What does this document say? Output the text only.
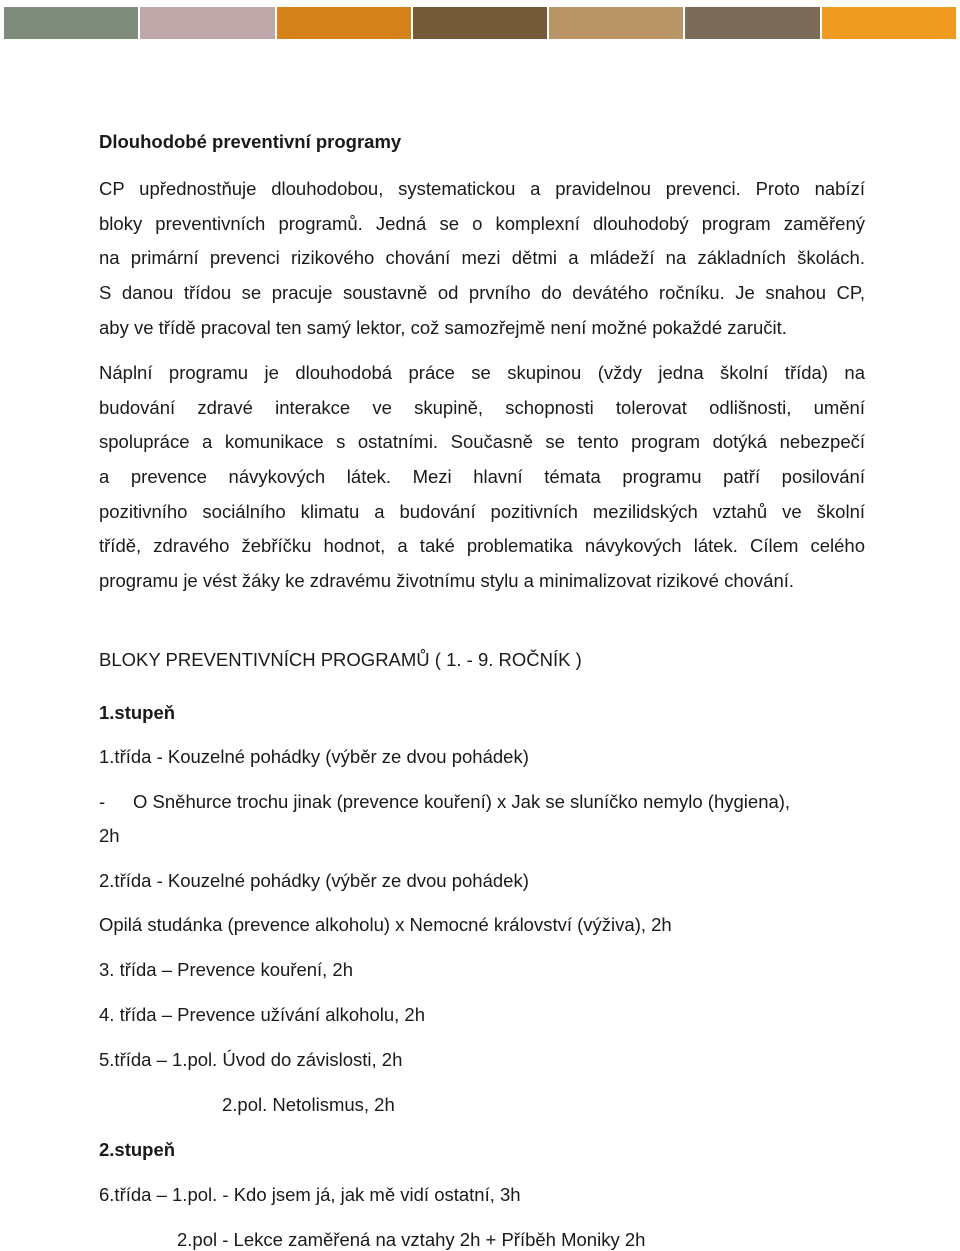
Dlouhodobé preventivní programy
CP upřednostňuje dlouhodobou, systematickou a pravidelnou prevenci. Proto nabízí
bloky preventivních programů. Jedná se o komplexní dlouhodobý program zaměřený
na primární prevenci rizikového chování mezi dětmi a mládeží na základních školách.
S danou třídou se pracuje soustavně od prvního do devátého ročníku. Je snahou CP,
aby ve třídě pracoval ten samý lektor, což samozřejmě není možné pokaždé zaručit.
Náplní programu je dlouhodobá práce se skupinou (vždy jedna školní třída) na
budování zdravé interakce ve skupině, schopnosti tolerovat odlišnosti, umění
spolupráce a komunikace s ostatními. Současně se tento program dotýká nebezpečí
a prevence návykových látek. Mezi hlavní témata programu patří posilování
pozitivního sociálního klimatu a budování pozitivních mezilidských vztahů ve školní
třídě, zdravého žebříčku hodnot, a také problematika návykových látek. Cílem celého
programu je vést žáky ke zdravému životnímu stylu a minimalizovat rizikové chování.
BLOKY PREVENTIVNÍCH PROGRAMŮ ( 1. - 9. ROČNÍK )
1.stupeň
1.třída - Kouzelné pohádky (výběr ze dvou pohádek)
- O Sněhurce trochu jinak (prevence kouření) x Jak se sluníčko nemylo (hygiena),
2h
2.třída - Kouzelné pohádky (výběr ze dvou pohádek)
Opilá studánka (prevence alkoholu) x Nemocné království (výživa), 2h
3. třída – Prevence kouření, 2h
4. třída – Prevence užívání alkoholu, 2h
5.třída – 1.pol. Úvod do závislosti, 2h
2.pol. Netolismus, 2h
2.stupeň
6.třída – 1.pol. - Kdo jsem já, jak mě vidí ostatní, 3h
2.pol - Lekce zaměřená na vztahy 2h + Příběh Moniky 2h
